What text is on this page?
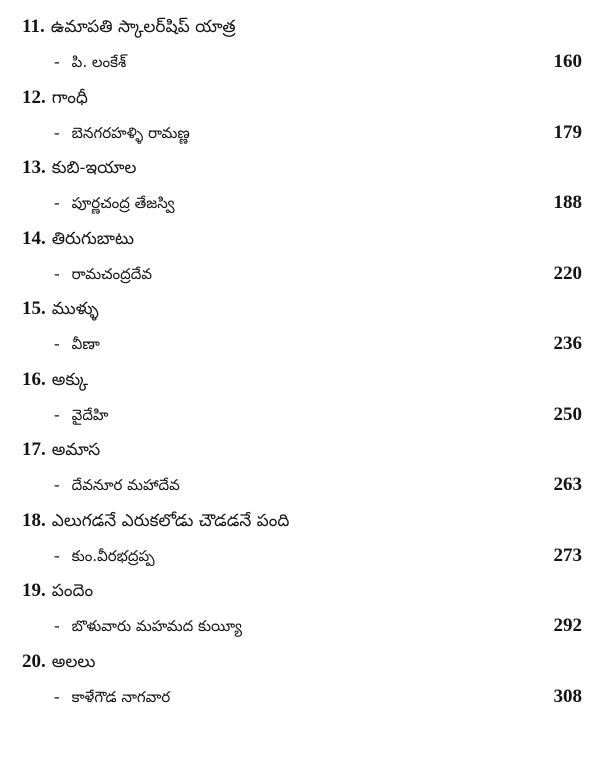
11. ఉమాపతి స్కాలర్‌షిప్ యాత్ర
- పి. లంకేశ్	160
12. గాంధీ
- బెనగరహళ్ళి రామణ్ణ	179
13. కుబి-ఇయాల
- పూర్ణచంద్ర తేజస్వి	188
14. తిరుగుబాటు
- రామచంద్రదేవ	220
15. ముళ్ళు
- వీణా	236
16. అక్కు
- వైదేహి	250
17. అమాస
- దేవనూర మహాదేవ	263
18. ఎలుగడనే ఎరుకలోడు చౌడడనే పంది
- కుం.వీరభద్రప్ప	273
19. పందెం
- బొళువారు మహమద కుయ్యీ	292
20. అలలు
- కాళేగౌడ నాగవార	308
